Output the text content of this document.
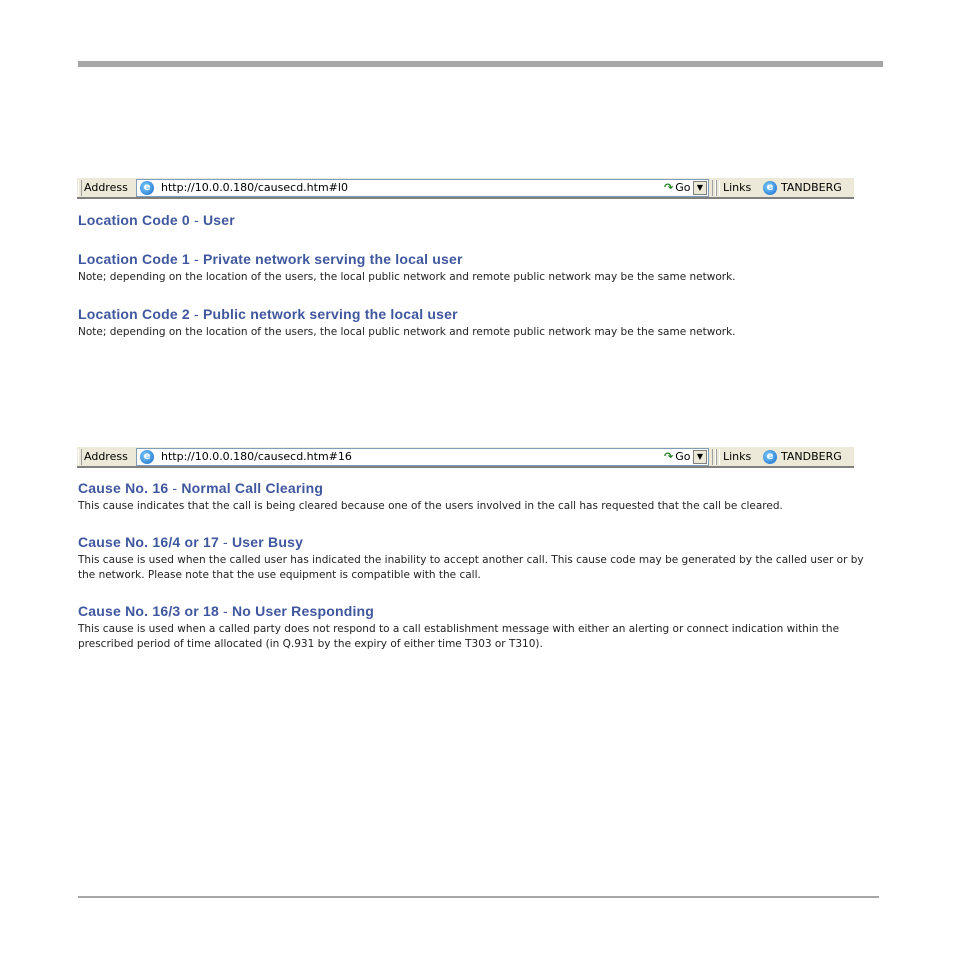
Address	e http://10.0.0.180/causecd.htm#l0	▼
↷ Go	Links	e TANDBERG

Location Code 0 - User

Location Code 1 - Private network serving the local user

Note; depending on the location of the users, the local public network and remote public network may be the same network.

Location Code 2 - Public network serving the local user

Note; depending on the location of the users, the local public network and remote public network may be the same network.

Address	e http://10.0.0.180/causecd.htm#16	▼
↷ Go	Links	e TANDBERG

Cause No. 16 - Normal Call Clearing

This cause indicates that the call is being cleared because one of the users involved in the call has requested that the call be cleared.

Cause No. 16/4 or 17 - User Busy

This cause is used when the called user has indicated the inability to accept another call. This cause code may be generated by the called user or by the network. Please note that the use equipment is compatible with the call.

Cause No. 16/3 or 18 - No User Responding

This cause is used when a called party does not respond to a call establishment message with either an alerting or connect indication within the prescribed period of time allocated (in Q.931 by the expiry of either time T303 or T310).
